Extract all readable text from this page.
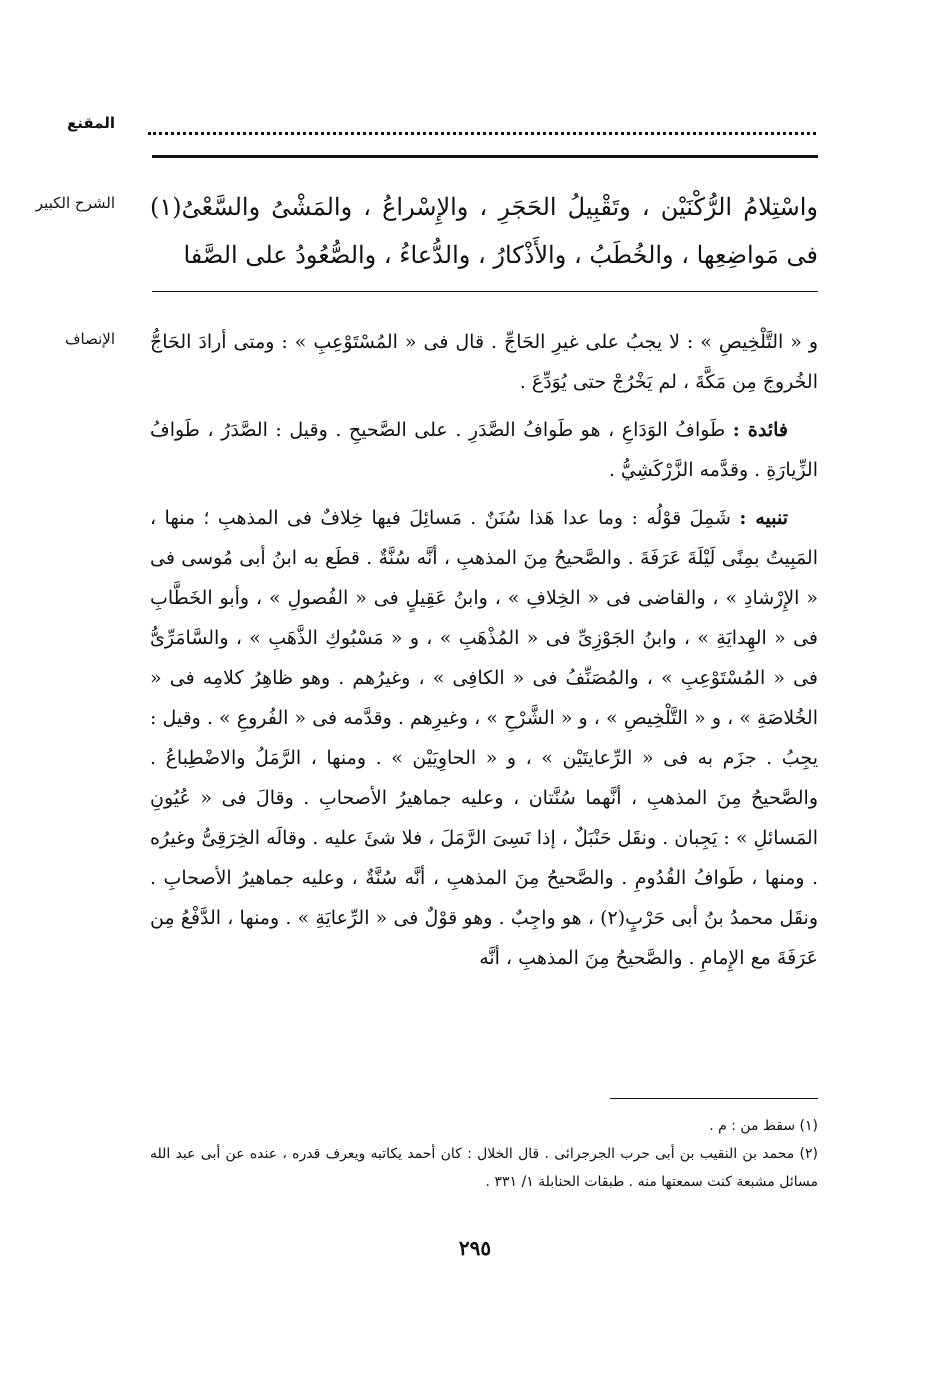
المقنع
الشرح الكبير واسْتِلامُ الرُّكْنَيْن ، وتَقْبِيلُ الحَجَرِ ، والإِسْراعُ ، والمَشْىُ والسَّعْىُ(١) فى مَواضِعِها ، والخُطَبُ ، والأَذْكارُ ، والدُّعاءُ ، والصُّعُودُ على الصَّفا
الإنصاف و « التَّلْخِيصِ » : لا يجبُ على غيرِ الحَاجِّ . قال فى « المُسْتَوْعِبِ » : ومتى أرادَ الحَاجُّ الخُروجَ مِن مَكَّةَ ، لم يَخْرُجْ حتى يُوَدِّعَ .

فائدة : طَوافُ الوَدَاعِ ، هو طَوافُ الصَّدَرِ . على الصَّحيحِ . وقيل : الصَّدَرُ ، طَوافُ الزِّيارَةِ . وقدَّمه الزَّرْكَشِيُّ .

تنبيه : شَمِلَ قوْلُه : وما عدا هَذا سُنَنٌ . مَسائِلَ فيها خِلافٌ فى المذهبِ ؛ منها ، المَبِيتُ بمِنًى لَيْلَةَ عَرَفَةَ . والصَّحيحُ مِنَ المذهبِ ، أنَّه سُنَّةٌ . قطَع به ابنُ أبى مُوسى فى « الإِرْشادِ » ، والقاضى فى « الخِلافِ » ، وابنُ عَقِيلٍ فى « الفُصولِ » ، وأبو الخَطَّابِ فى « الهِدايَةِ » ، وابنُ الجَوْزِىِّ فى « المُذْهَبِ » ، و « مَسْبُوكِ الذَّهَبِ » ، والسَّامَرِّىُّ فى « المُسْتَوْعِبِ » ، والمُصَنِّفُ فى « الكافِى » ، وغيرُهم . وهو ظاهِرُ كلامِه فى « الخُلاصَةِ » ، و « التَّلْخِيصِ » ، و « الشَّرْحِ » ، وغيرِهم . وقدَّمه فى « الفُروعِ » . وقيل : يجِبُ . جزَم به فى « الرِّعايتَيْن » ، و « الحاوِيَيْن » . ومنها ، الرَّمَلُ والاضْطِباعُ . والصَّحيحُ مِنَ المذهبِ ، أنَّهما سُنَّتان ، وعليه جماهيرُ الأصحابِ . وقالَ فى « عُيُونِ المَسائلِ » : يَجِبان . ونقَل حَنْبَلٌ ، إذا نَسِىَ الرَّمَلَ ، فلا شئَ عليه . وقالَه الخِرَقِىُّ وغيرُه . ومنها ، طَوافُ القُدُومِ . والصَّحيحُ مِنَ المذهبِ ، أنَّه سُنَّةٌ ، وعليه جماهيرُ الأصحابِ . ونقَل محمدُ بنُ أبى حَرْبٍ(٢) ، هو واجِبٌ . وهو قوْلٌ فى « الرِّعايَةِ » . ومنها ، الدَّفْعُ مِن عَرَفَةَ مع الإِمامِ . والصَّحيحُ مِنَ المذهبِ ، أنَّه

(١) سقط من : م .

(٢) محمد بن النقيب بن أبى حرب الجرجرائى . قال الخلال : كان أحمد يكاتبه ويعرف قدره ، عنده عن أبى عبد الله مسائل مشبعة كنت سمعتها منه . طبقات الحنابلة ١/ ٣٣١ .

٢٩٥
